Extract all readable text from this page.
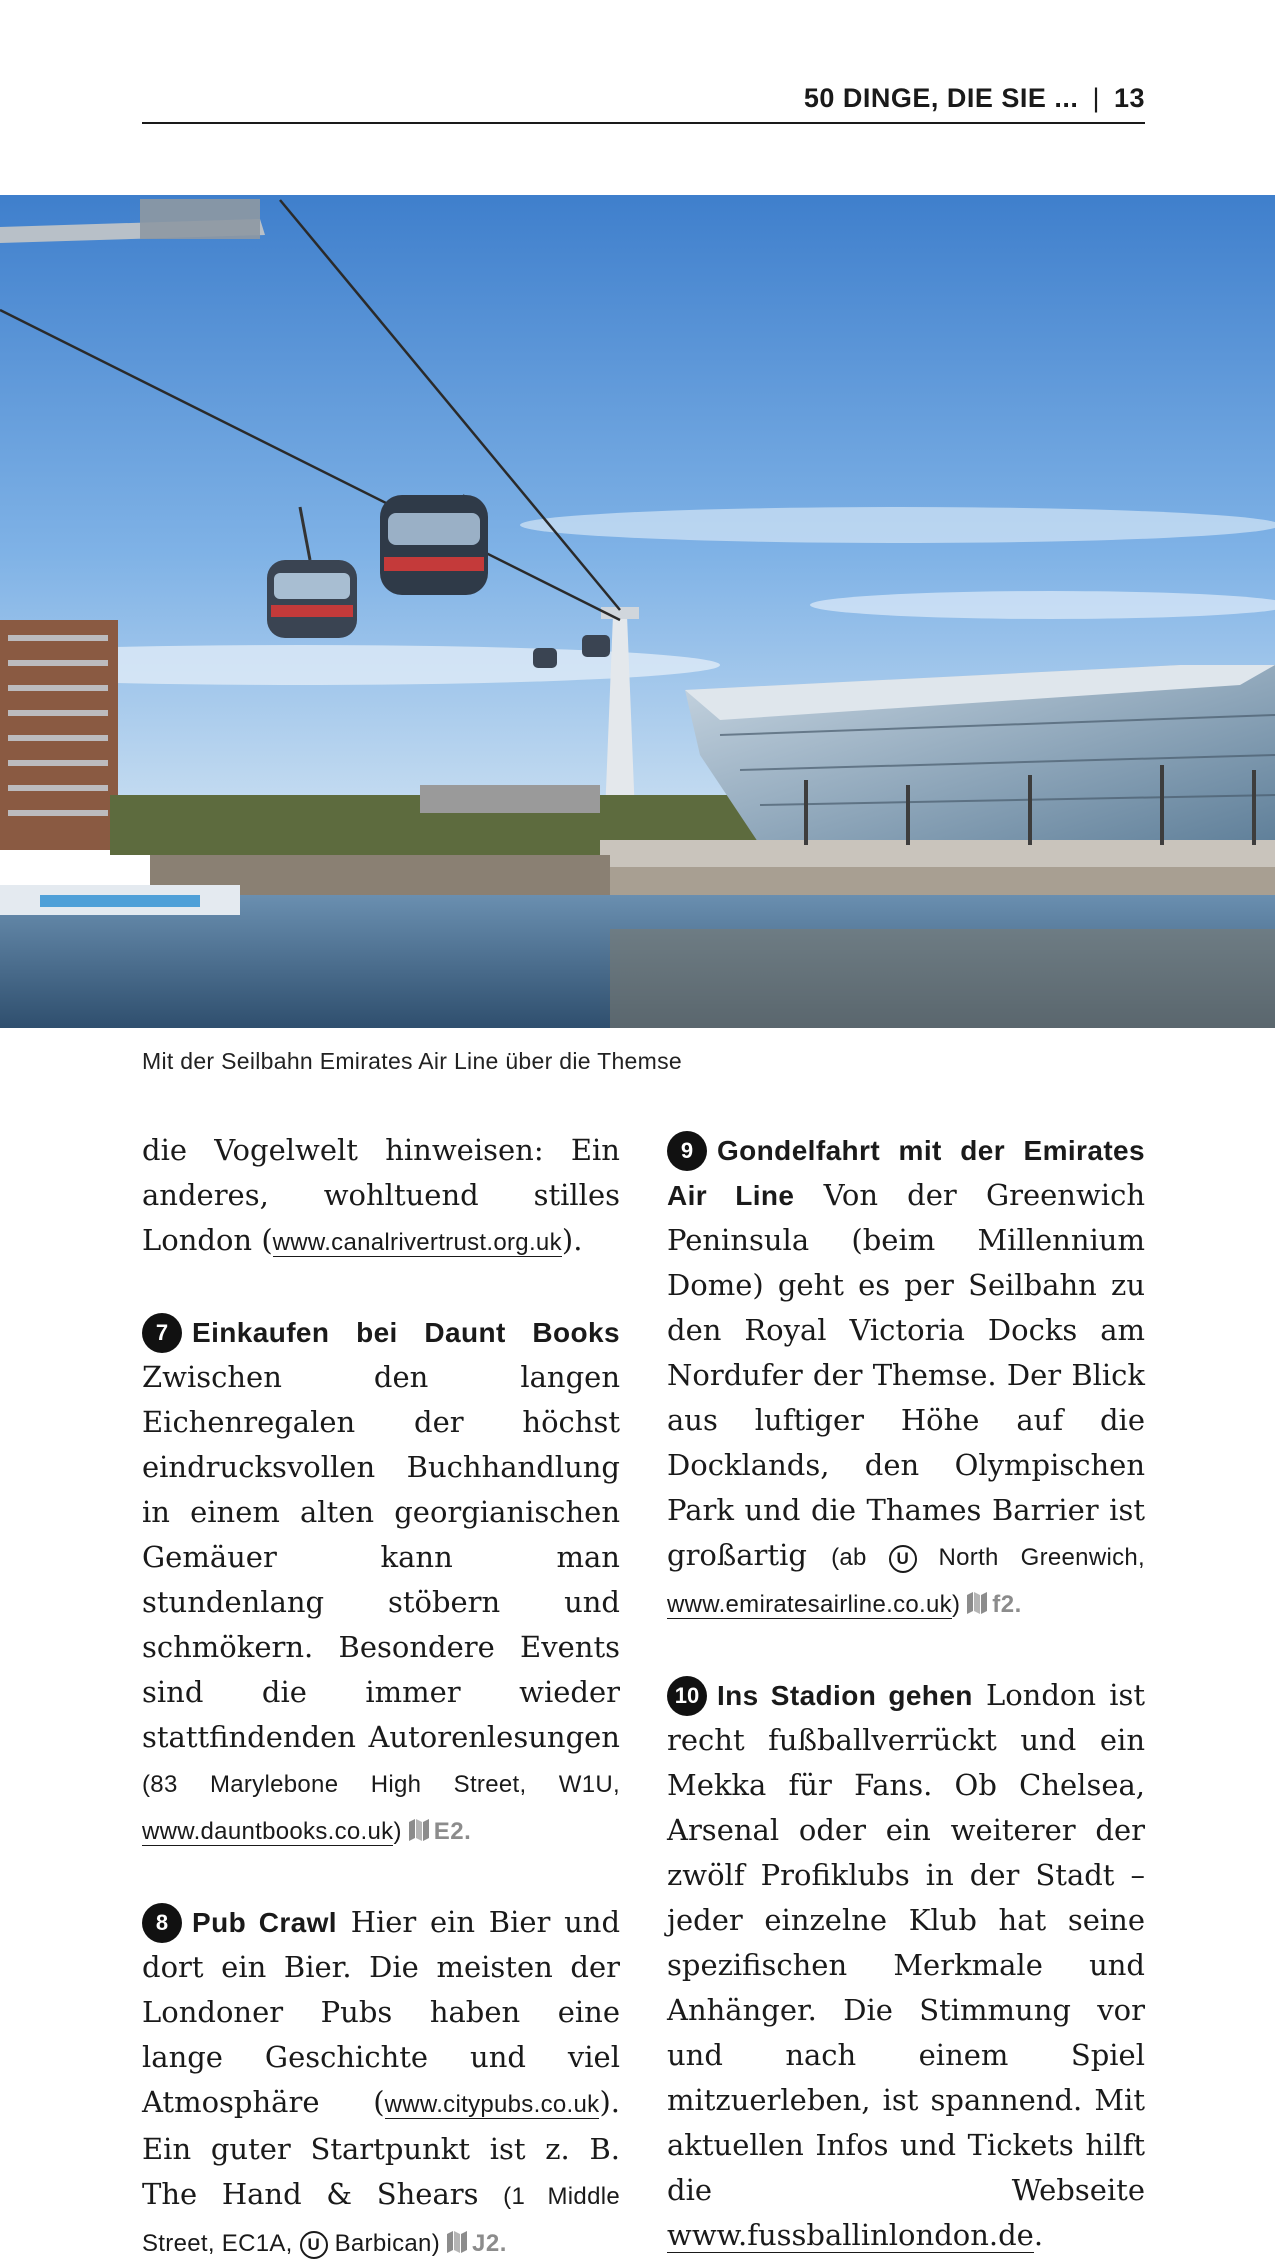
50 DINGE, DIE SIE ... | 13
Mit der Seilbahn Emirates Air Line über die Themse

die Vogelwelt hinweisen: Ein anderes, wohltuend stilles London (www.canalrivertrust.org.uk).

7 Einkaufen bei Daunt Books Zwischen den langen Eichenregalen der höchst eindrucksvollen Buchhandlung in einem alten georgianischen Gemäuer kann man stundenlang stöbern und schmökern. Besondere Events sind die immer wieder stattfindenden Autorenlesungen (83 Marylebone High Street, W1U, www.dauntbooks.co.uk) E2.

8 Pub Crawl Hier ein Bier und dort ein Bier. Die meisten der Londoner Pubs haben eine lange Geschichte und viel Atmosphäre (www.citypubs.co.uk). Ein guter Startpunkt ist z. B. The Hand & Shears (1 Middle Street, EC1A, U Barbican) J2.

9 Gondelfahrt mit der Emirates Air Line Von der Greenwich Peninsula (beim Millennium Dome) geht es per Seilbahn zu den Royal Victoria Docks am Nordufer der Themse. Der Blick aus luftiger Höhe auf die Docklands, den Olympischen Park und die Thames Barrier ist großartig (ab U North Greenwich, www.emiratesairline.co.uk) f2.

10 Ins Stadion gehen London ist recht fußballverrückt und ein Mekka für Fans. Ob Chelsea, Arsenal oder ein weiterer der zwölf Profiklubs in der Stadt – jeder einzelne Klub hat seine spezifischen Merkmale und Anhänger. Die Stimmung vor und nach einem Spiel mitzuerleben, ist spannend. Mit aktuellen Infos und Tickets hilft die Webseite www.fussballinlondon.de.
